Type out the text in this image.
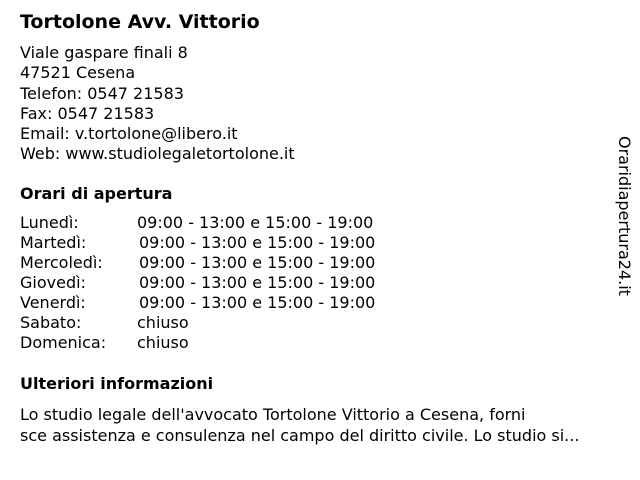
Tortolone Avv. Vittorio
Viale gaspare finali 8
47521 Cesena
Telefon: 0547 21583
Fax: 0547 21583
Email: v.tortolone@libero.it
Web: www.studiolegaletortolone.it
Orari di apertura
Lunedì:	09:00 - 13:00 e 15:00 - 19:00
Martedì:	09:00 - 13:00 e 15:00 - 19:00
Mercoledì: 09:00 - 13:00 e 15:00 - 19:00
Giovedì:	09:00 - 13:00 e 15:00 - 19:00
Venerdì:	09:00 - 13:00 e 15:00 - 19:00
Sabato:	chiuso
Domenica: chiuso
Ulteriori informazioni
Lo studio legale dell'avvocato Tortolone Vittorio a Cesena, forni
sce assistenza e consulenza nel campo del diritto civile. Lo studio si...
Oraridiapertura24.it
